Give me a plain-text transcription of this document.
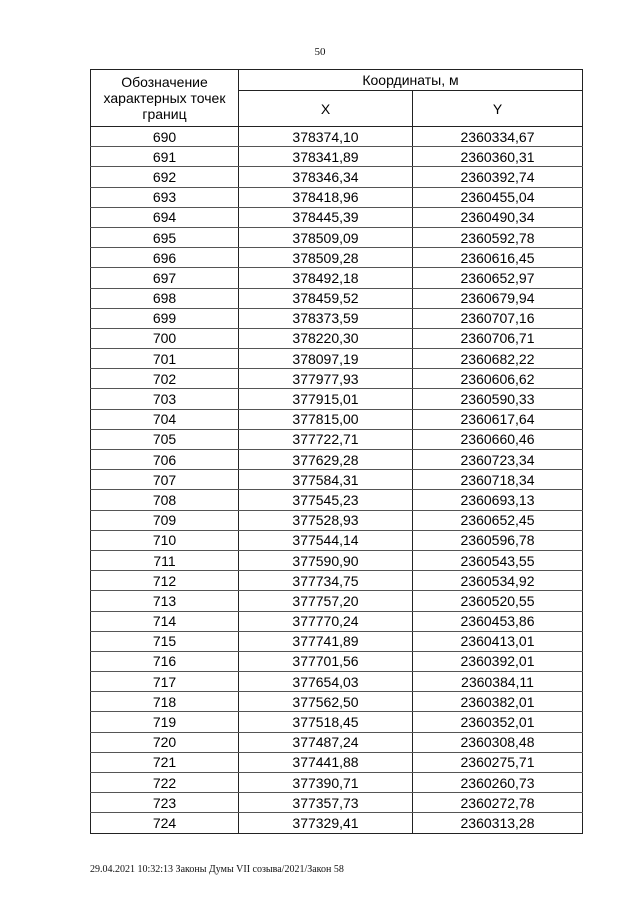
50
Обозначение характерных точек границ	Координаты, м	
	X	Y
690	378374,10	2360334,67
691	378341,89	2360360,31
692	378346,34	2360392,74
693	378418,96	2360455,04
694	378445,39	2360490,34
695	378509,09	2360592,78
696	378509,28	2360616,45
697	378492,18	2360652,97
698	378459,52	2360679,94
699	378373,59	2360707,16
700	378220,30	2360706,71
701	378097,19	2360682,22
702	377977,93	2360606,62
703	377915,01	2360590,33
704	377815,00	2360617,64
705	377722,71	2360660,46
706	377629,28	2360723,34
707	377584,31	2360718,34
708	377545,23	2360693,13
709	377528,93	2360652,45
710	377544,14	2360596,78
711	377590,90	2360543,55
712	377734,75	2360534,92
713	377757,20	2360520,55
714	377770,24	2360453,86
715	377741,89	2360413,01
716	377701,56	2360392,01
717	377654,03	2360384,11
718	377562,50	2360382,01
719	377518,45	2360352,01
720	377487,24	2360308,48
721	377441,88	2360275,71
722	377390,71	2360260,73
723	377357,73	2360272,78
724	377329,41	2360313,28
29.04.2021 10:32:13 Законы Думы VII созыва/2021/Закон 58
